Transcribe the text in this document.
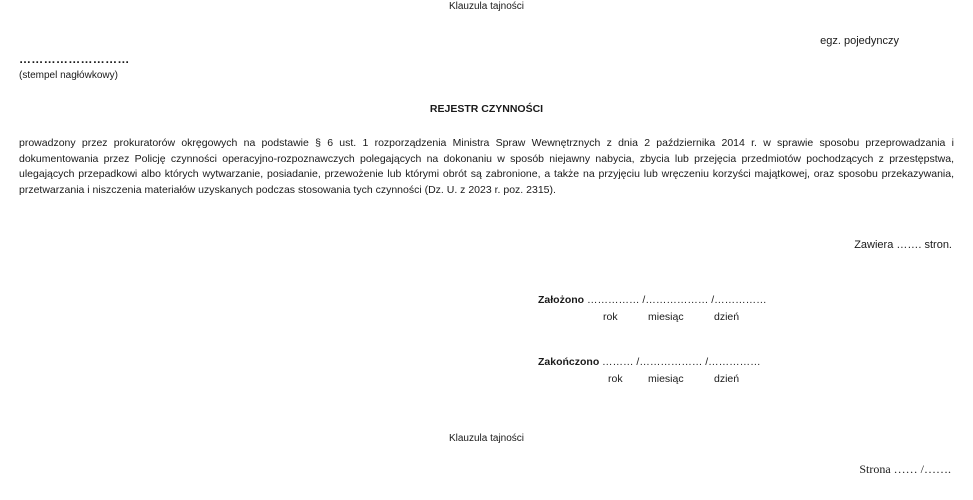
Klauzula tajności
egz. pojedynczy
………………………
(stempel nagłówkowy)
REJESTR CZYNNOŚCI
prowadzony przez prokuratorów okręgowych na podstawie § 6 ust. 1 rozporządzenia Ministra Spraw Wewnętrznych z dnia 2 października 2014 r. w sprawie sposobu przeprowadzania i dokumentowania przez Policję czynności operacyjno-rozpoznawczych polegających na dokonaniu w sposób niejawny nabycia, zbycia lub przejęcia przedmiotów pochodzących z przestępstwa, ulegających przepadkowi albo których wytwarzanie, posiadanie, przewożenie lub którymi obrót są zabronione, a także na przyjęciu lub wręczeniu korzyści majątkowej, oraz sposobu przekazywania, przetwarzania i niszczenia materiałów uzyskanych podczas stosowania tych czynności (Dz. U. z 2023 r. poz. 2315).
Zawiera ……. stron.
Założono …………… /……………… /……………
rok	miesiąc	dzień
Zakończono ……… /……………… /……………
rok miesiąc	dzień
Klauzula tajności
Strona …… /…….
